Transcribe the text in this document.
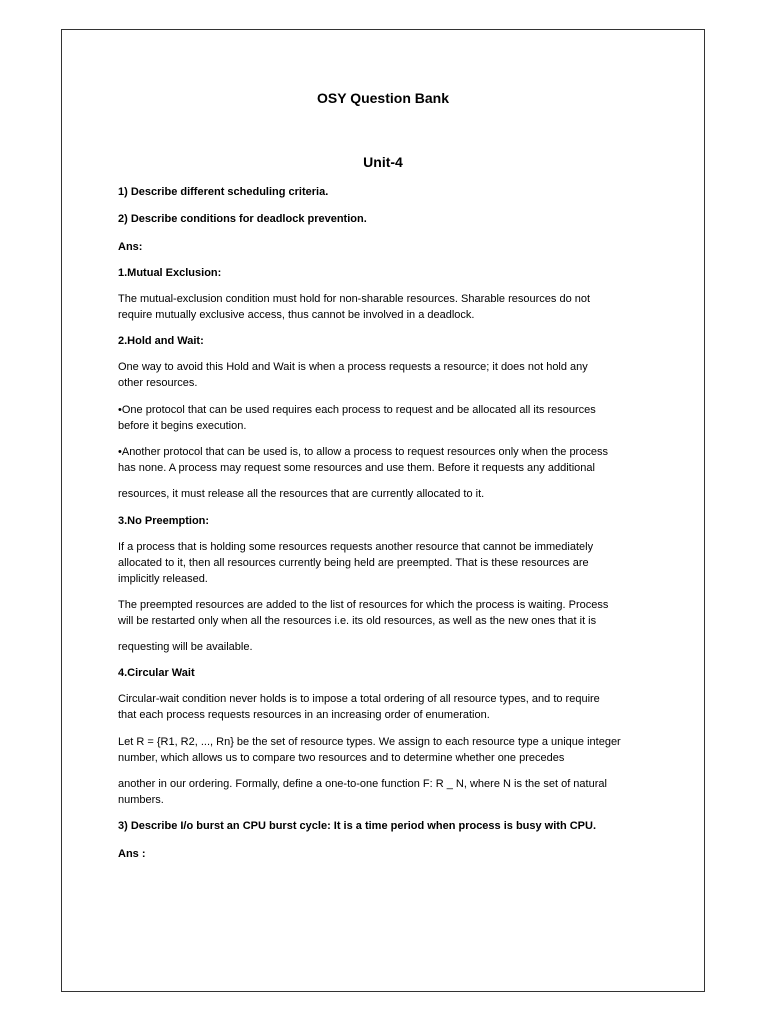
OSY Question Bank
Unit-4
1) Describe different scheduling criteria.
2) Describe conditions for deadlock prevention.
Ans:
1.Mutual Exclusion:
The mutual-exclusion condition must hold for non-sharable resources. Sharable resources do not
require mutually exclusive access, thus cannot be involved in a deadlock.
2.Hold and Wait:
One way to avoid this Hold and Wait is when a process requests a resource; it does not hold any
other resources.
•One protocol that can be used requires each process to request and be allocated all its resources
before it begins execution.
•Another protocol that can be used is, to allow a process to request resources only when the process
has none. A process may request some resources and use them. Before it requests any additional
resources, it must release all the resources that are currently allocated to it.
3.No Preemption:
If a process that is holding some resources requests another resource that cannot be immediately
allocated to it, then all resources currently being held are preempted. That is these resources are
implicitly released.
The preempted resources are added to the list of resources for which the process is waiting. Process
will be restarted only when all the resources i.e. its old resources, as well as the new ones that it is
requesting will be available.
4.Circular Wait
Circular-wait condition never holds is to impose a total ordering of all resource types, and to require
that each process requests resources in an increasing order of enumeration.
Let R = {R1, R2, ..., Rn} be the set of resource types. We assign to each resource type a unique integer
number, which allows us to compare two resources and to determine whether one precedes
another in our ordering. Formally, define a one-to-one function F: R _ N, where N is the set of natural
numbers.
3) Describe I/o burst an CPU burst cycle: It is a time period when process is busy with CPU.
Ans :
